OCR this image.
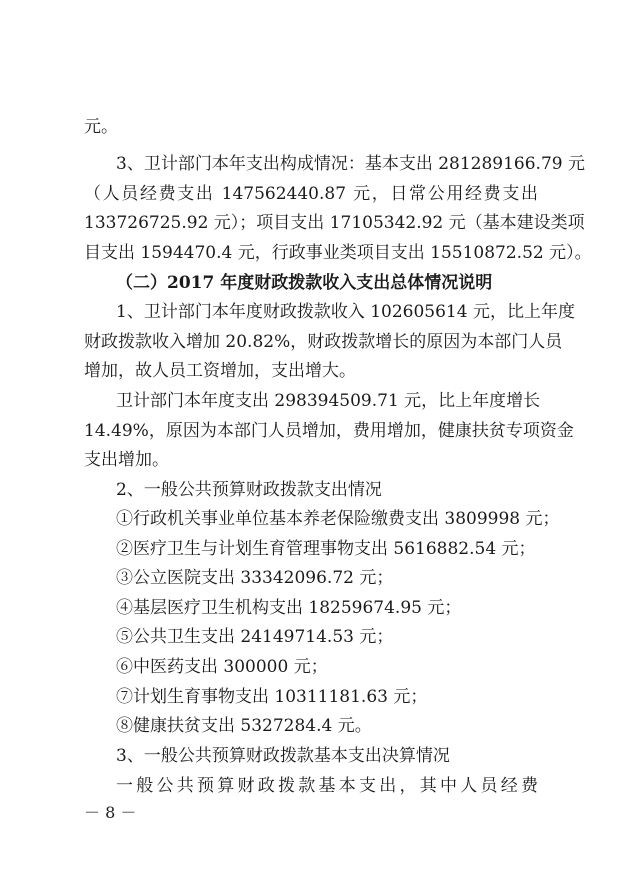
元。
3、卫计部门本年支出构成情况：基本支出 281289166.79 元
（人员经费支出 147562440.87 元，日常公用经费支出
133726725.92 元）；项目支出 17105342.92 元（基本建设类项
目支出 1594470.4 元，行政事业类项目支出 15510872.52 元）。
（二）2017 年度财政拨款收入支出总体情况说明
1、卫计部门本年度财政拨款收入 102605614 元，比上年度
财政拨款收入增加 20.82%，财政拨款增长的原因为本部门人员
增加，故人员工资增加，支出增大。
卫计部门本年度支出 298394509.71 元，比上年度增长
14.49%，原因为本部门人员增加，费用增加，健康扶贫专项资金
支出增加。
2、一般公共预算财政拨款支出情况
①行政机关事业单位基本养老保险缴费支出 3809998 元；
②医疗卫生与计划生育管理事物支出 5616882.54 元；
③公立医院支出 33342096.72 元；
④基层医疗卫生机构支出 18259674.95 元；
⑤公共卫生支出 24149714.53 元；
⑥中医药支出 300000 元；
⑦计划生育事物支出 10311181.63 元；
⑧健康扶贫支出 5327284.4 元。
3、一般公共预算财政拨款基本支出决算情况
一般公共预算财政拨款基本支出，其中人员经费
－ 8 －
